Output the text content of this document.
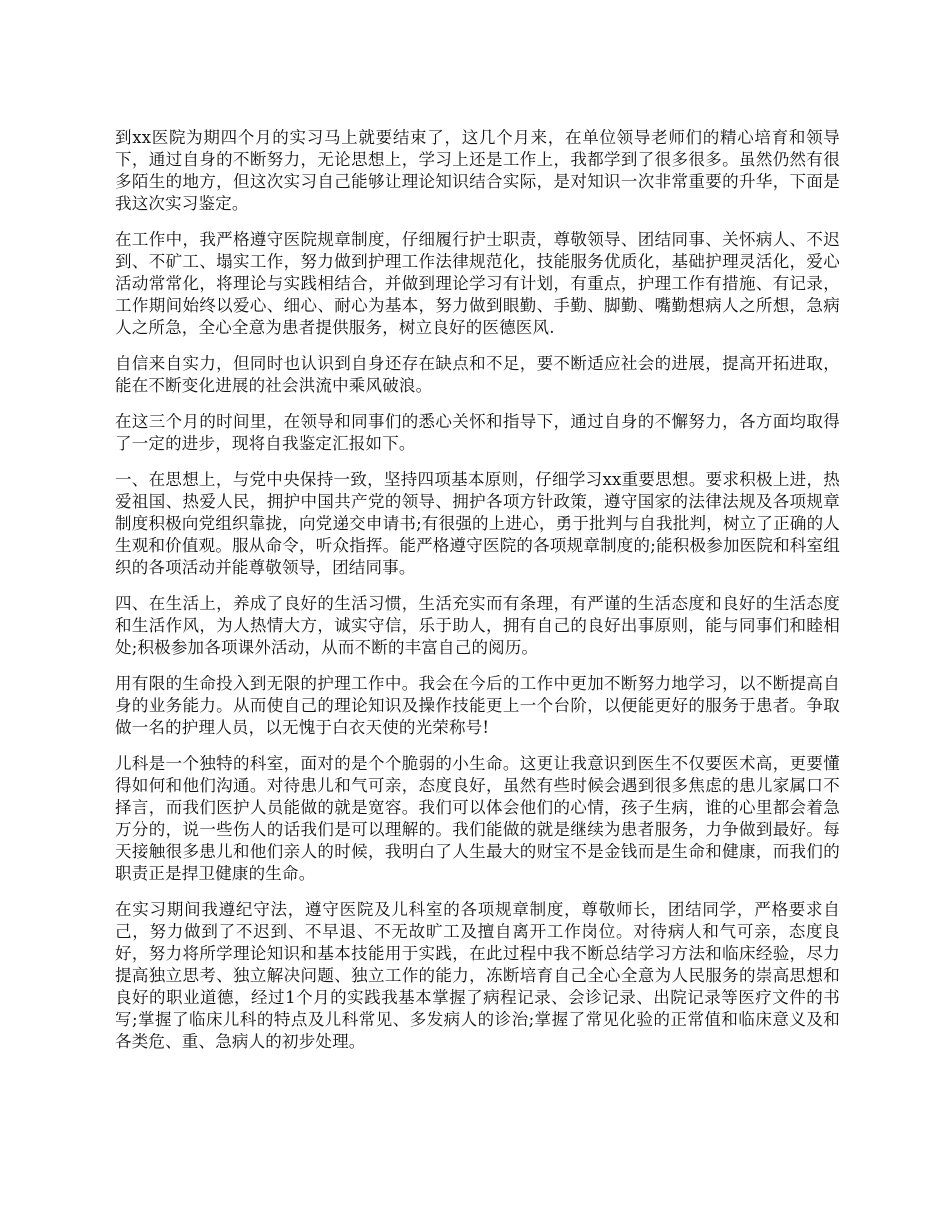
到xx医院为期四个月的实习马上就要结束了，这几个月来，在单位领导老师们的精心培育和领导下，通过自身的不断努力，无论思想上，学习上还是工作上，我都学到了很多很多。虽然仍然有很多陌生的地方，但这次实习自己能够让理论知识结合实际，是对知识一次非常重要的升华，下面是我这次实习鉴定。

在工作中，我严格遵守医院规章制度，仔细履行护士职责，尊敬领导、团结同事、关怀病人、不迟到、不矿工、塌实工作，努力做到护理工作法律规范化，技能服务优质化，基础护理灵活化，爱心活动常常化，将理论与实践相结合，并做到理论学习有计划，有重点，护理工作有措施、有记录，工作期间始终以爱心、细心、耐心为基本，努力做到眼勤、手勤、脚勤、嘴勤想病人之所想，急病人之所急，全心全意为患者提供服务，树立良好的医德医风.

自信来自实力，但同时也认识到自身还存在缺点和不足，要不断适应社会的进展，提高开拓进取，能在不断变化进展的社会洪流中乘风破浪。

在这三个月的时间里，在领导和同事们的悉心关怀和指导下，通过自身的不懈努力，各方面均取得了一定的进步，现将自我鉴定汇报如下。

一、在思想上，与党中央保持一致，坚持四项基本原则，仔细学习xx重要思想。要求积极上进，热爱祖国、热爱人民，拥护中国共产党的领导、拥护各项方针政策，遵守国家的法律法规及各项规章制度积极向党组织靠拢，向党递交申请书;有很强的上进心，勇于批判与自我批判，树立了正确的人生观和价值观。服从命令，听众指挥。能严格遵守医院的各项规章制度的;能积极参加医院和科室组织的各项活动并能尊敬领导，团结同事。

四、在生活上，养成了良好的生活习惯，生活充实而有条理，有严谨的生活态度和良好的生活态度和生活作风，为人热情大方，诚实守信，乐于助人，拥有自己的良好出事原则，能与同事们和睦相处;积极参加各项课外活动，从而不断的丰富自己的阅历。

用有限的生命投入到无限的护理工作中。我会在今后的工作中更加不断努力地学习，以不断提高自身的业务能力。从而使自己的理论知识及操作技能更上一个台阶，以便能更好的服务于患者。争取做一名的护理人员，以无愧于白衣天使的光荣称号!

儿科是一个独特的科室，面对的是个个脆弱的小生命。这更让我意识到医生不仅要医术高，更要懂得如何和他们沟通。对待患儿和气可亲，态度良好，虽然有些时候会遇到很多焦虑的患儿家属口不择言，而我们医护人员能做的就是宽容。我们可以体会他们的心情，孩子生病，谁的心里都会着急万分的，说一些伤人的话我们是可以理解的。我们能做的就是继续为患者服务，力争做到最好。每天接触很多患儿和他们亲人的时候，我明白了人生最大的财宝不是金钱而是生命和健康，而我们的职责正是捍卫健康的生命。

在实习期间我遵纪守法，遵守医院及儿科室的各项规章制度，尊敬师长，团结同学，严格要求自己，努力做到了不迟到、不早退、不无故旷工及擅自离开工作岗位。对待病人和气可亲，态度良好，努力将所学理论知识和基本技能用于实践，在此过程中我不断总结学习方法和临床经验，尽力提高独立思考、独立解决问题、独立工作的能力，冻断培育自己全心全意为人民服务的崇高思想和良好的职业道德，经过1个月的实践我基本掌握了病程记录、会诊记录、出院记录等医疗文件的书写;掌握了临床儿科的特点及儿科常见、多发病人的诊治;掌握了常见化验的正常值和临床意义及和各类危、重、急病人的初步处理。
